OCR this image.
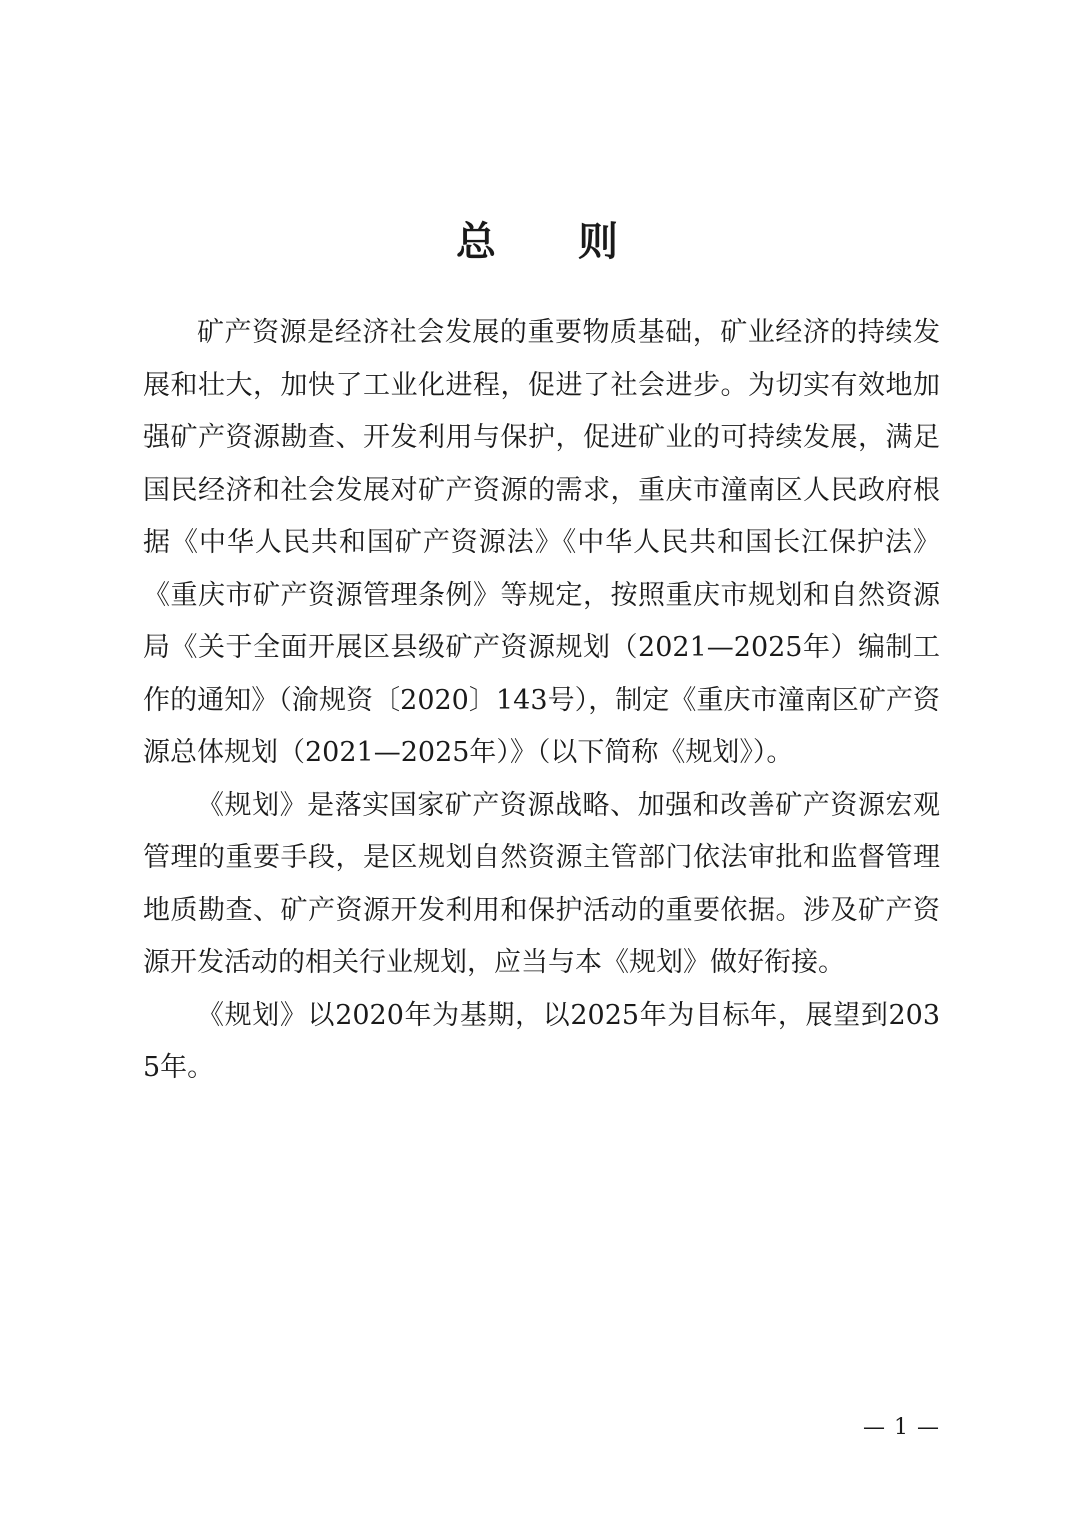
总 则

矿产资源是经济社会发展的重要物质基础，矿业经济的持续发展和壮大，加快了工业化进程，促进了社会进步。为切实有效地加强矿产资源勘查、开发利用与保护，促进矿业的可持续发展，满足国民经济和社会发展对矿产资源的需求，重庆市潼南区人民政府根据《中华人民共和国矿产资源法》《中华人民共和国长江保护法》《重庆市矿产资源管理条例》等规定，按照重庆市规划和自然资源局《关于全面开展区县级矿产资源规划（2021—2025年）编制工作的通知》（渝规资〔2020〕143号），制定《重庆市潼南区矿产资源总体规划（2021—2025年）》（以下简称《规划》）。

《规划》是落实国家矿产资源战略、加强和改善矿产资源宏观管理的重要手段，是区规划自然资源主管部门依法审批和监督管理地质勘查、矿产资源开发利用和保护活动的重要依据。涉及矿产资源开发活动的相关行业规划，应当与本《规划》做好衔接。

《规划》以2020年为基期，以2025年为目标年，展望到2035年。

— 1 —
